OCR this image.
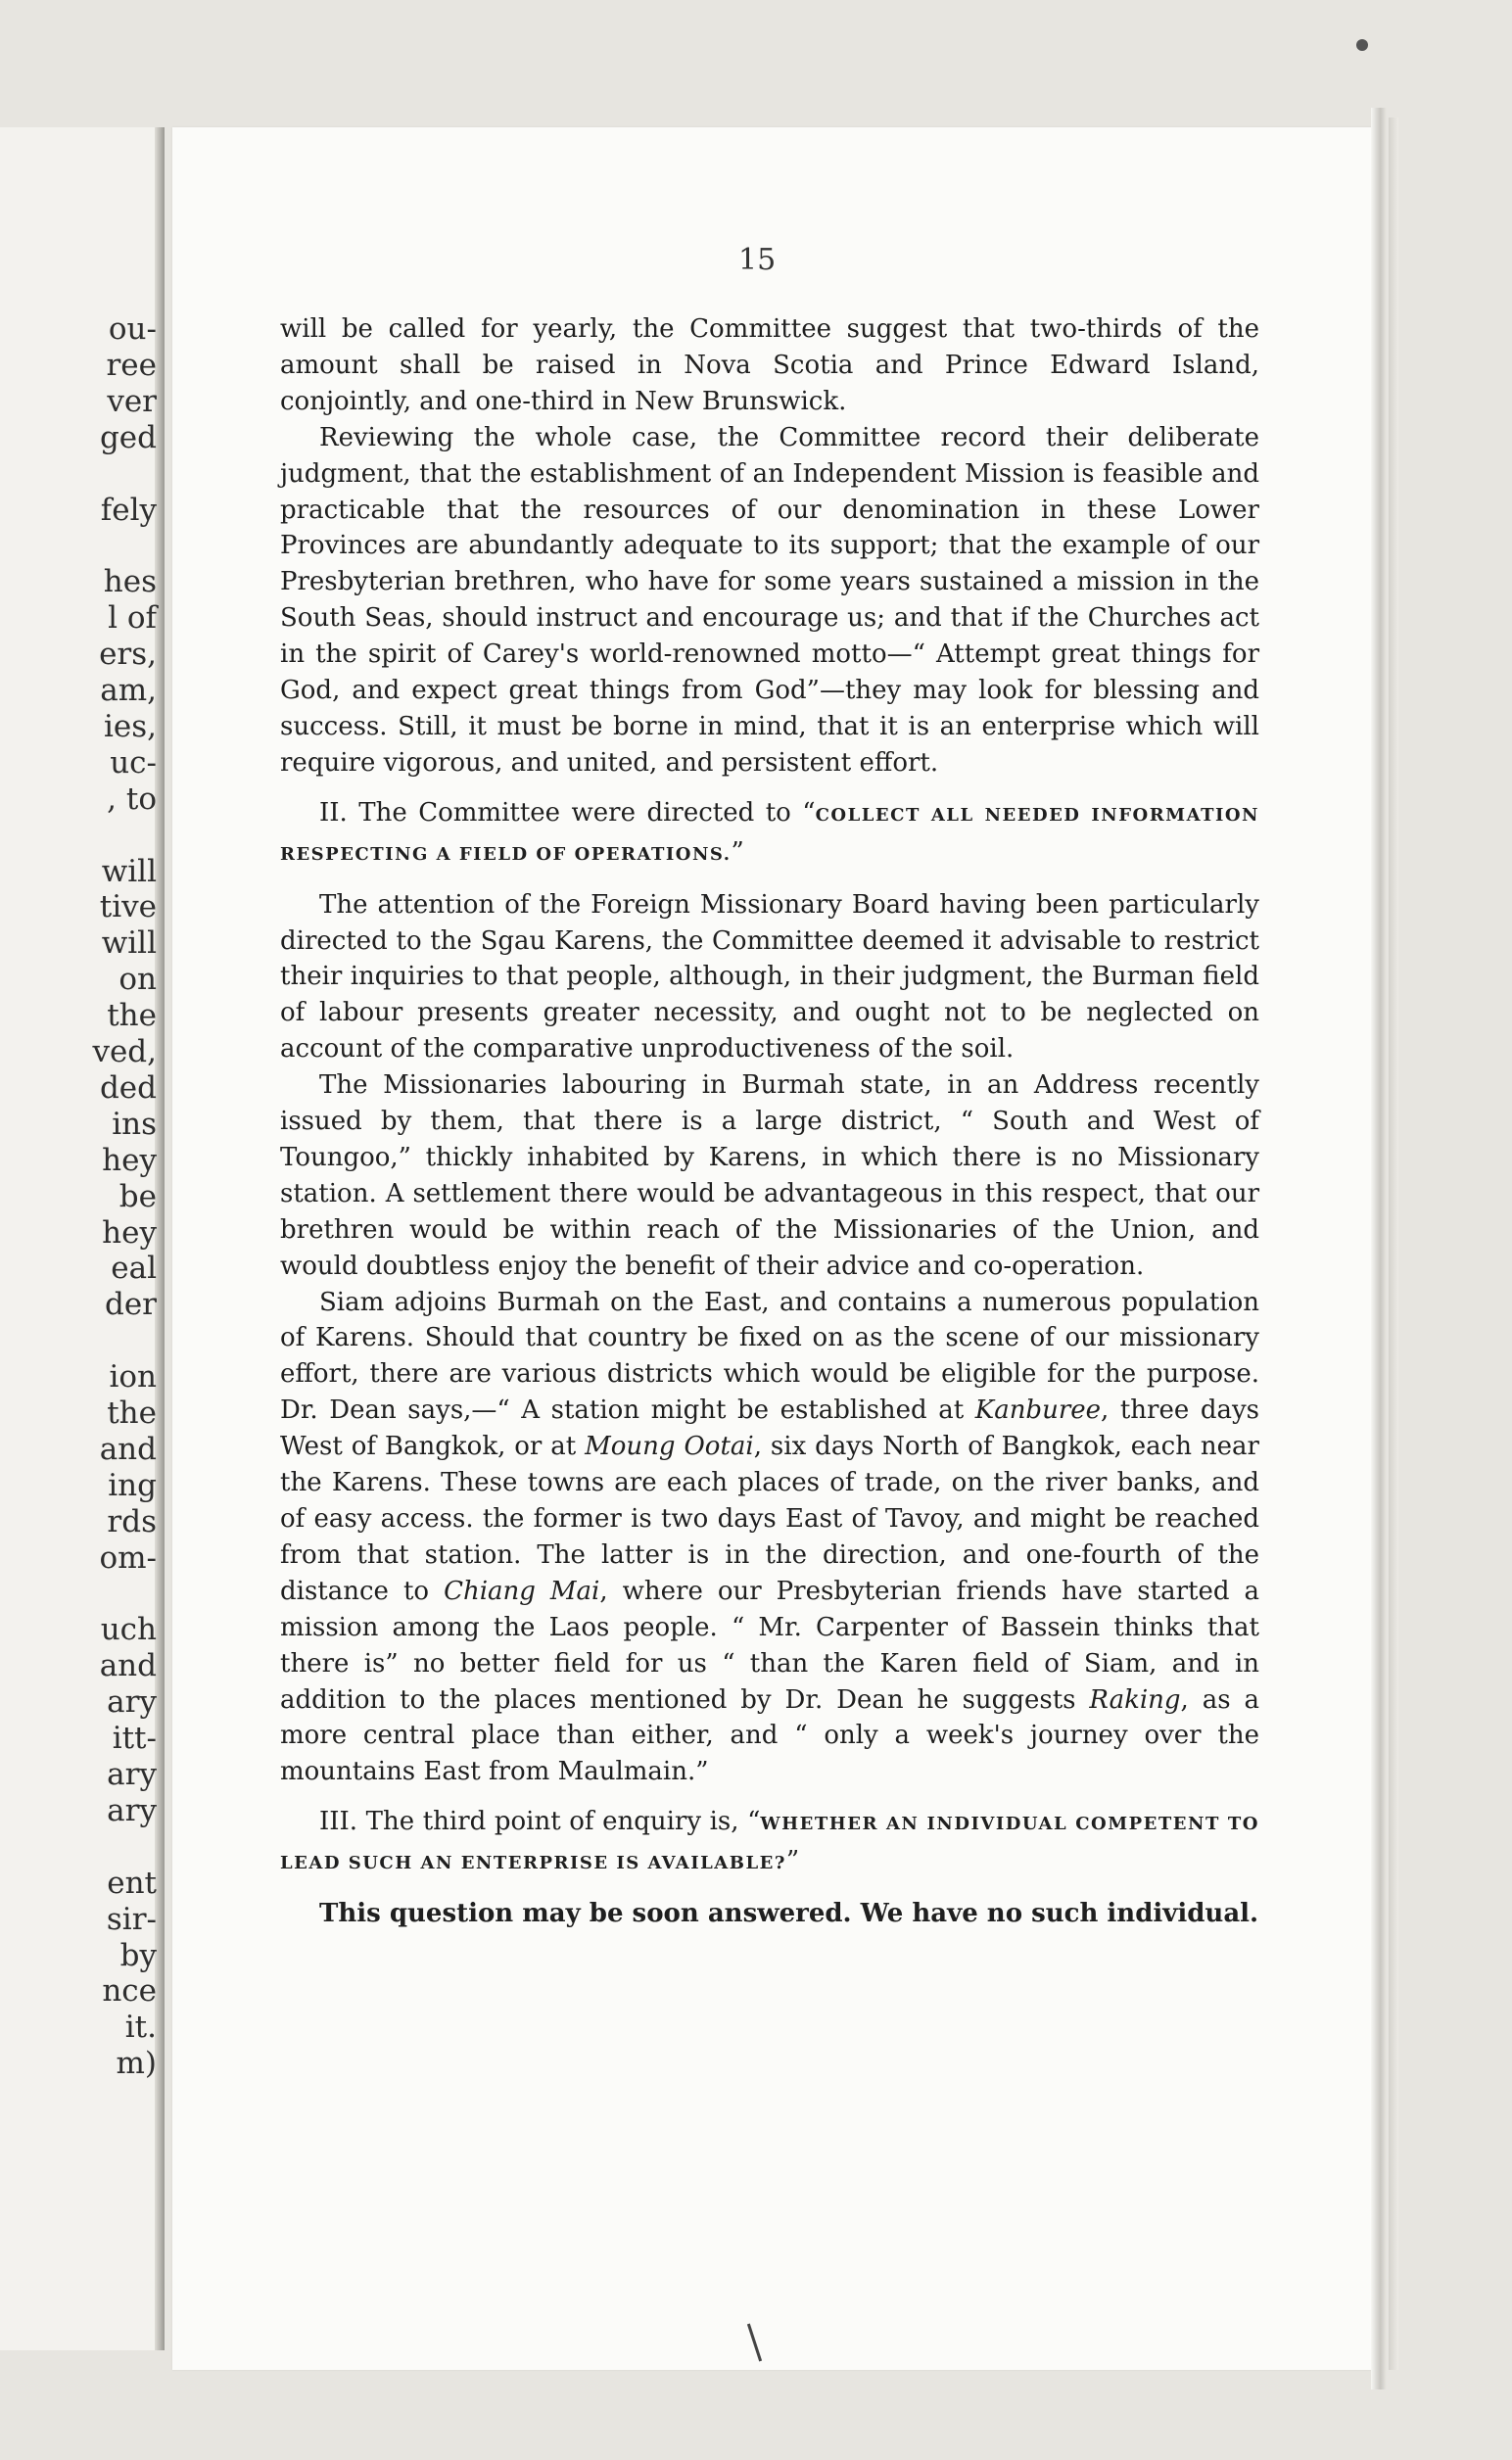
ou-
ree
ver
ged
fely
hes
l of
ers,
am,
ies,
uc-
, to
will
tive
will
on
the
ved,
ded
ins
hey
be
hey
eal
der
ion
the
and
ing
rds
om-
uch
and
ary
itt-
ary
ary
ent
sir-
by
nce
it.
m)
15

will be called for yearly, the Committee suggest that two-thirds of the amount shall be raised in Nova Scotia and Prince Edward Island, conjointly, and one-third in New Brunswick.

Reviewing the whole case, the Committee record their deliberate judgment, that the establishment of an Independent Mission is feasible and practicable that the resources of our denomination in these Lower Provinces are abundantly adequate to its support; that the example of our Presbyterian brethren, who have for some years sustained a mission in the South Seas, should instruct and encourage us; and that if the Churches act in the spirit of Carey's world-renowned motto—“ Attempt great things for God, and expect great things from God”—they may look for blessing and success. Still, it must be borne in mind, that it is an enterprise which will require vigorous, and united, and persistent effort.

II. The Committee were directed to “COLLECT ALL NEEDED INFORMATION RESPECTING A FIELD OF OPERATIONS.”

The attention of the Foreign Missionary Board having been particularly directed to the Sgau Karens, the Committee deemed it advisable to restrict their inquiries to that people, although, in their judgment, the Burman field of labour presents greater necessity, and ought not to be neglected on account of the comparative unproductiveness of the soil.

The Missionaries labouring in Burmah state, in an Address recently issued by them, that there is a large district, “ South and West of Toungoo,” thickly inhabited by Karens, in which there is no Missionary station. A settlement there would be advantageous in this respect, that our brethren would be within reach of the Missionaries of the Union, and would doubtless enjoy the benefit of their advice and co-operation.

Siam adjoins Burmah on the East, and contains a numerous population of Karens. Should that country be fixed on as the scene of our missionary effort, there are various districts which would be eligible for the purpose. Dr. Dean says,—“ A station might be established at Kanburee, three days West of Bangkok, or at Moung Ootai, six days North of Bangkok, each near the Karens. These towns are each places of trade, on the river banks, and of easy access. the former is two days East of Tavoy, and might be reached from that station. The latter is in the direction, and one-fourth of the distance to Chiang Mai, where our Presbyterian friends have started a mission among the Laos people. “ Mr. Carpenter of Bassein thinks that there is” no better field for us “ than the Karen field of Siam, and in addition to the places mentioned by Dr. Dean he suggests Raking, as a more central place than either, and “ only a week's journey over the mountains East from Maulmain.”

III. The third point of enquiry is, “WHETHER AN INDIVIDUAL COMPETENT TO LEAD SUCH AN ENTERPRISE IS AVAILABLE?”

This question may be soon answered. We have no such individual.
